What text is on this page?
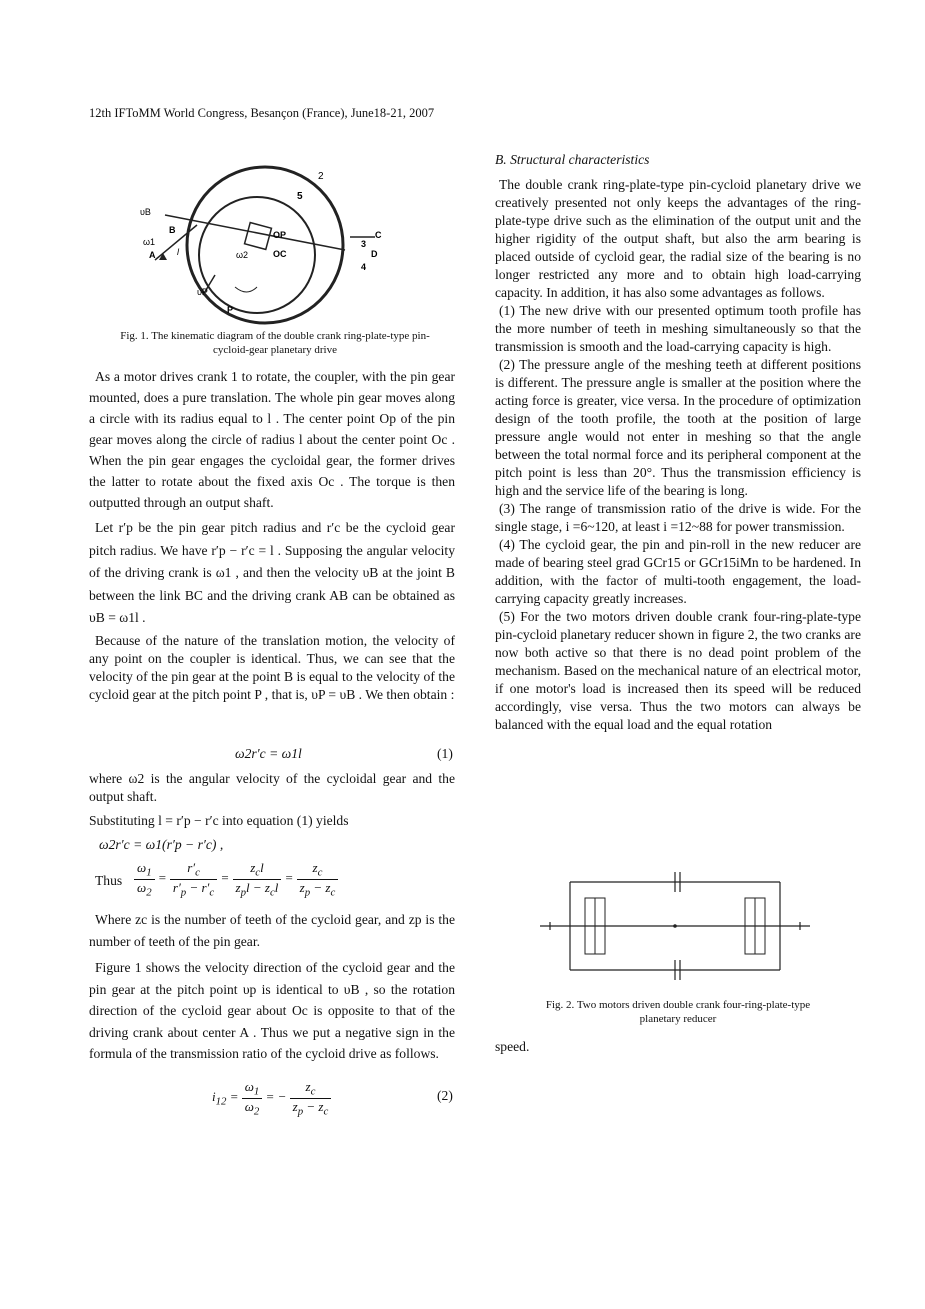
12th IFToMM World Congress, Besançon (France), June18-21, 2007
2
5
υB
B
ω1
A l
OP
ω2	OC
υP
P
C
D
3
4
Fig. 1. The kinematic diagram of the double crank ring-plate-type pin-cycloid-gear planetary drive
As a motor drives crank 1 to rotate, the coupler, with the pin gear mounted, does a pure translation. The whole pin gear moves along a circle with its radius equal to l . The center point Op of the pin gear moves along the circle of radius l about the center point Oc . When the pin gear engages the cycloidal gear, the former drives the latter to rotate about the fixed axis Oc . The torque is then outputted through an output shaft.
Let r′p be the pin gear pitch radius and r′c be the cycloid gear pitch radius. We have r′p − r′c = l . Supposing the angular velocity of the driving crank is ω1 , and then the velocity υB at the joint B between the link BC and the driving crank AB can be obtained as υB = ω1l .
Because of the nature of the translation motion, the velocity of any point on the coupler is identical. Thus, we can see that the velocity of the pin gear at the point B is equal to the velocity of the cycloid gear at the pitch point P , that is, υP = υB . We then obtain :
ω2r′c = ω1l	(1)
where ω2 is the angular velocity of the cycloidal gear and the output shaft.
Substituting l = r′p − r′c into equation (1) yields
ω2r′c = ω1(r′p − r′c) ,
Thus $\frac{\omega_1}{\omega_2} = \frac{r'_c}{r'_p - r'_c} = \frac{z_cl}{z_pl - z_cl} = \frac{z_c}{z_p - z_c}$
Where zc is the number of teeth of the cycloid gear, and zp is the number of teeth of the pin gear.
Figure 1 shows the velocity direction of the cycloid gear and the pin gear at the pitch point υp is identical to υB , so the rotation direction of the cycloid gear about Oc is opposite to that of the driving crank about center A . Thus we put a negative sign in the formula of the transmission ratio of the cycloid drive as follows.
$i_{12} = \frac{\omega_1}{\omega_2}$ = − $\frac{z_c}{z_p - z_c}$	(2)
B. Structural characteristics
The double crank ring-plate-type pin-cycloid planetary drive we creatively presented not only keeps the advantages of the ring-plate-type drive such as the elimination of the output unit and the higher rigidity of the output shaft, but also the arm bearing is placed outside of cycloid gear, the radial size of the bearing is no longer restricted any more and to obtain high load-carrying capacity. In addition, it has also some advantages as follows.
(1) The new drive with our presented optimum tooth profile has the more number of teeth in meshing simultaneously so that the transmission is smooth and the load-carrying capacity is high.
(2) The pressure angle of the meshing teeth at different positions is different. The pressure angle is smaller at the position where the acting force is greater, vice versa. In the procedure of optimization design of the tooth profile, the tooth at the position of large pressure angle would not enter in meshing so that the angle between the total normal force and its peripheral component at the pitch point is less than 20°. Thus the transmission efficiency is high and the service life of the bearing is long.
(3) The range of transmission ratio of the drive is wide. For the single stage, i =6~120, at least i =12~88 for power transmission.
(4) The cycloid gear, the pin and pin-roll in the new reducer are made of bearing steel grad GCr15 or GCr15iMn to be hardened. In addition, with the factor of multi-tooth engagement, the load-carrying capacity greatly increases.
(5) For the two motors driven double crank four-ring-plate-type pin-cycloid planetary reducer shown in figure 2, the two cranks are now both active so that there is no dead point problem of the mechanism. Based on the mechanical nature of an electrical motor, if one motor's load is increased then its speed will be reduced accordingly, vise versa. Thus the two motors can always be balanced with the equal load and the equal rotation
Fig. 2. Two motors driven double crank four-ring-plate-type planetary reducer
speed.
